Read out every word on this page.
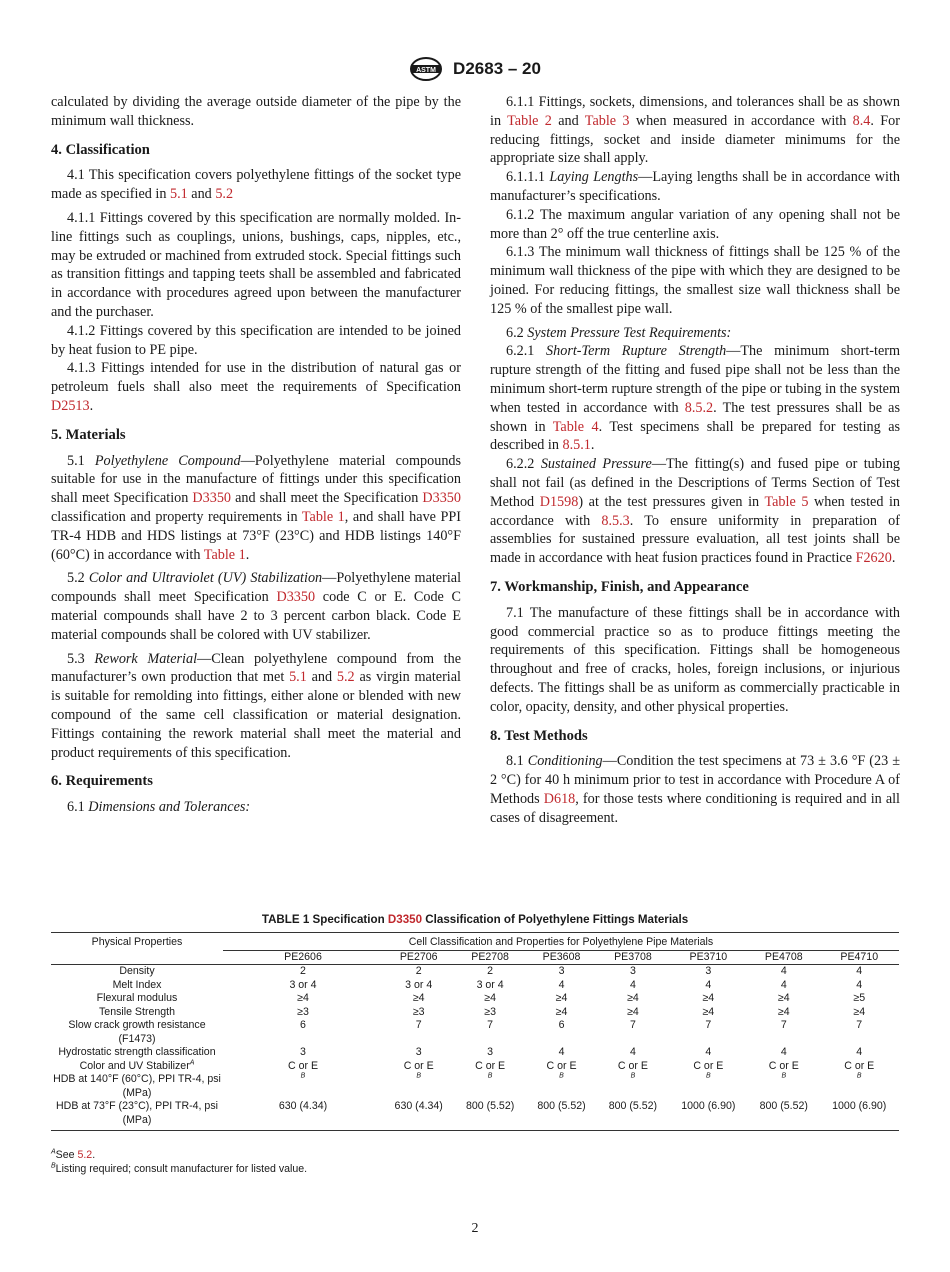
ASTM D2683 – 20

calculated by dividing the average outside diameter of the pipe by the minimum wall thickness.

4. Classification

4.1 This specification covers polyethylene fittings of the socket type made as specified in 5.1 and 5.2

4.1.1 Fittings covered by this specification are normally molded. In-line fittings such as couplings, unions, bushings, caps, nipples, etc., may be extruded or machined from extruded stock. Special fittings such as transition fittings and tapping teets shall be assembled and fabricated in accordance with procedures agreed upon between the manufacturer and the purchaser.

4.1.2 Fittings covered by this specification are intended to be joined by heat fusion to PE pipe.

4.1.3 Fittings intended for use in the distribution of natural gas or petroleum fuels shall also meet the requirements of Specification D2513.

5. Materials

5.1 Polyethylene Compound—Polyethylene material compounds suitable for use in the manufacture of fittings under this specification shall meet Specification D3350 and shall meet the Specification D3350 classification and property requirements in Table 1, and shall have PPI TR-4 HDB and HDS listings at 73°F (23°C) and HDB listings 140°F (60°C) in accordance with Table 1.

5.2 Color and Ultraviolet (UV) Stabilization—Polyethylene material compounds shall meet Specification D3350 code C or E. Code C material compounds shall have 2 to 3 percent carbon black. Code E material compounds shall be colored with UV stabilizer.

5.3 Rework Material—Clean polyethylene compound from the manufacturer’s own production that met 5.1 and 5.2 as virgin material is suitable for remolding into fittings, either alone or blended with new compound of the same cell classification or material designation. Fittings containing the rework material shall meet the material and product requirements of this specification.

6. Requirements

6.1 Dimensions and Tolerances:

6.1.1 Fittings, sockets, dimensions, and tolerances shall be as shown in Table 2 and Table 3 when measured in accordance with 8.4. For reducing fittings, socket and inside diameter minimums for the appropriate size shall apply.

6.1.1.1 Laying Lengths—Laying lengths shall be in accordance with manufacturer’s specifications.

6.1.2 The maximum angular variation of any opening shall not be more than 2° off the true centerline axis.

6.1.3 The minimum wall thickness of fittings shall be 125 % of the minimum wall thickness of the pipe with which they are designed to be joined. For reducing fittings, the smallest size wall thickness shall be 125 % of the smallest pipe wall.

6.2 System Pressure Test Requirements:

6.2.1 Short-Term Rupture Strength—The minimum short-term rupture strength of the fitting and fused pipe shall not be less than the minimum short-term rupture strength of the pipe or tubing in the system when tested in accordance with 8.5.2. The test pressures shall be as shown in Table 4. Test specimens shall be prepared for testing as described in 8.5.1.

6.2.2 Sustained Pressure—The fitting(s) and fused pipe or tubing shall not fail (as defined in the Descriptions of Terms Section of Test Method D1598) at the test pressures given in Table 5 when tested in accordance with 8.5.3. To ensure uniformity in preparation of assemblies for sustained pressure evaluation, all test joints shall be made in accordance with heat fusion practices found in Practice F2620.

7. Workmanship, Finish, and Appearance

7.1 The manufacture of these fittings shall be in accordance with good commercial practice so as to produce fittings meeting the requirements of this specification. Fittings shall be homogeneous throughout and free of cracks, holes, foreign inclusions, or injurious defects. The fittings shall be as uniform as commercially practicable in color, opacity, density, and other physical properties.

8. Test Methods

8.1 Conditioning—Condition the test specimens at 73 ± 3.6 °F (23 ± 2 °C) for 40 h minimum prior to test in accordance with Procedure A of Methods D618, for those tests where conditioning is required and in all cases of disagreement.

TABLE 1 Specification D3350 Classification of Polyethylene Fittings Materials
Physical Properties	Cell Classification and Properties for Polyethylene Pipe Materials							
	PE2606	PE2706	PE2708	PE3608	PE3708	PE3710	PE4708	PE4710
Density	2	2	2	3	3	3	4	4
Melt Index	3 or 4	3 or 4	3 or 4	4	4	4	4	4
Flexural modulus	≥4	≥4	≥4	≥4	≥4	≥4	≥4	≥5
Tensile Strength	≥3	≥3	≥3	≥4	≥4	≥4	≥4	≥4
Slow crack growth resistance (F1473)	6	7	7	6	7	7	7	7
Hydrostatic strength classification	3	3	3	4	4	4	4	4
Color and UV Stabilizer$^A$	C or E	C or E	C or E	C or E	C or E	C or E	C or E	C or E
HDB at 140°F (60°C), PPI TR-4, psi (MPa)	$^B$	$^B$	$^B$	$^B$	$^B$	$^B$	$^B$	$^B$
HDB at 73°F (23°C), PPI TR-4, psi (MPa)	630 (4.34)	630 (4.34)	800 (5.52)	800 (5.52)	800 (5.52)	1000 (6.90)	800 (5.52)	1000 (6.90)
$^A$See 5.2.
$^B$Listing required; consult manufacturer for listed value.
2
